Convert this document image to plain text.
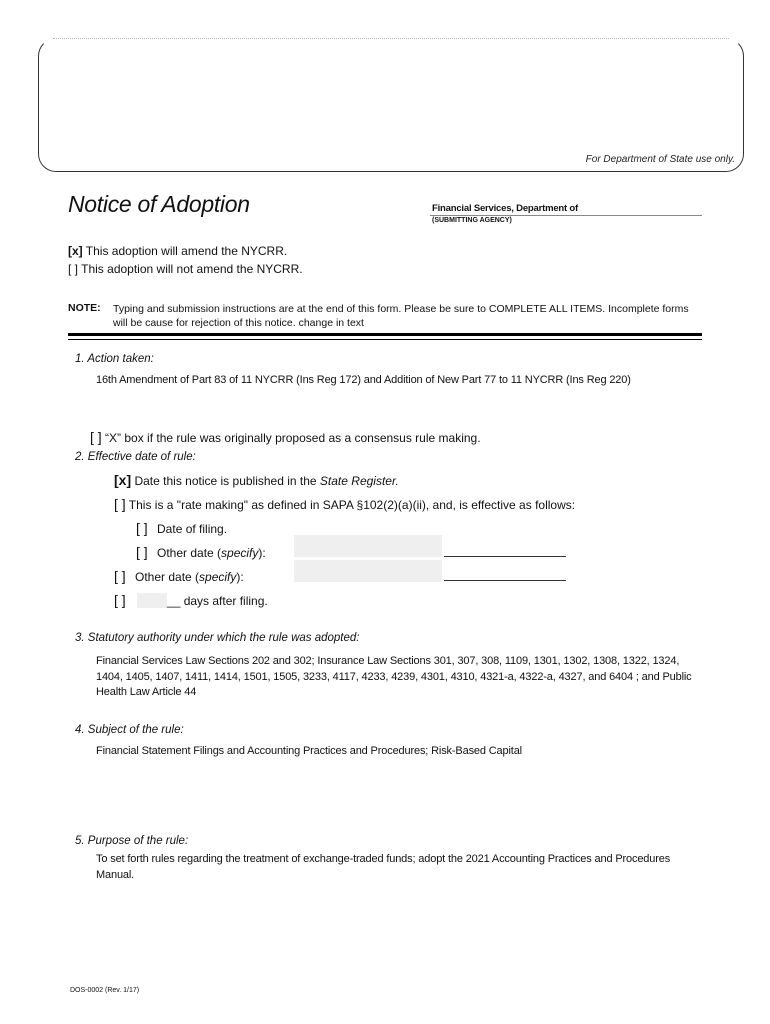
For Department of State use only.
Notice of Adoption	Financial Services, Department of
(SUBMITTING AGENCY)
[x] This adoption will amend the NYCRR.
[ ] This adoption will not amend the NYCRR.
NOTE: Typing and submission instructions are at the end of this form. Please be sure to COMPLETE ALL ITEMS. Incomplete forms will be cause for rejection of this notice. change in text
1. Action taken:
16th Amendment of Part 83 of 11 NYCRR (Ins Reg 172) and Addition of New Part 77 to 11 NYCRR (Ins Reg 220)
[ ] “X” box if the rule was originally proposed as a consensus rule making.
2. Effective date of rule:
[x] Date this notice is published in the State Register.
[ ] This is a "rate making" as defined in SAPA §102(2)(a)(ii), and, is effective as follows:
[ ] Date of filing.
[ ] Other date (specify):
[ ] Other date (specify):
[ ]	__ days after filing.
3. Statutory authority under which the rule was adopted:
Financial Services Law Sections 202 and 302; Insurance Law Sections 301, 307, 308, 1109, 1301, 1302, 1308, 1322, 1324, 1404, 1405, 1407, 1411, 1414, 1501, 1505, 3233, 4117, 4233, 4239, 4301, 4310, 4321-a, 4322-a, 4327, and 6404 ; and Public Health Law Article 44
4. Subject of the rule:
Financial Statement Filings and Accounting Practices and Procedures; Risk-Based Capital
5. Purpose of the rule:
To set forth rules regarding the treatment of exchange-traded funds; adopt the 2021 Accounting Practices and Procedures Manual.
DOS-0002 (Rev. 1/17)
